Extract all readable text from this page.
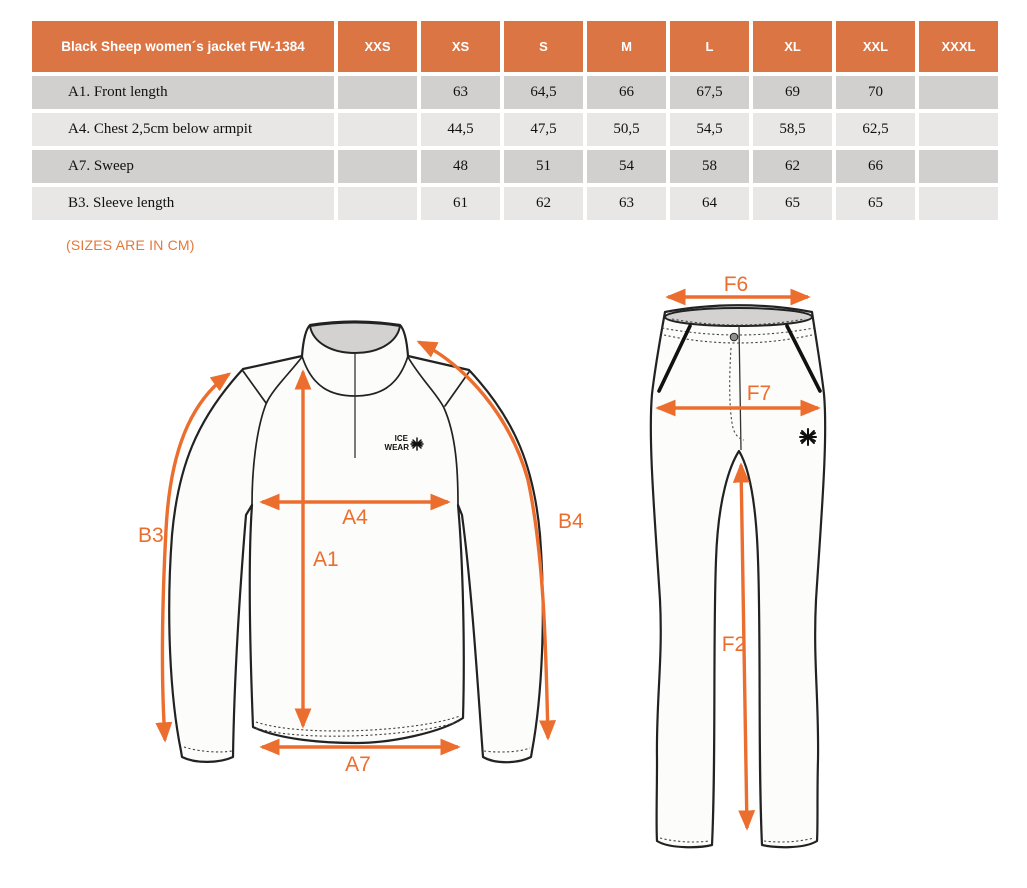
Black Sheep women´s jacket FW-1384	XXS	XS	S	M	L	XL	XXL	XXXL
A1. Front length		63	64,5	66	67,5	69	70	
A4. Chest 2,5cm below armpit		44,5	47,5	50,5	54,5	58,5	62,5	
A7. Sweep		48	51	54	58	62	66	
B3. Sleeve length		61	62	63	64	65	65	
(SIZES ARE IN CM)
ICE
WEAR
A4
A1
A7
B3
B4
F6
F7
F2
